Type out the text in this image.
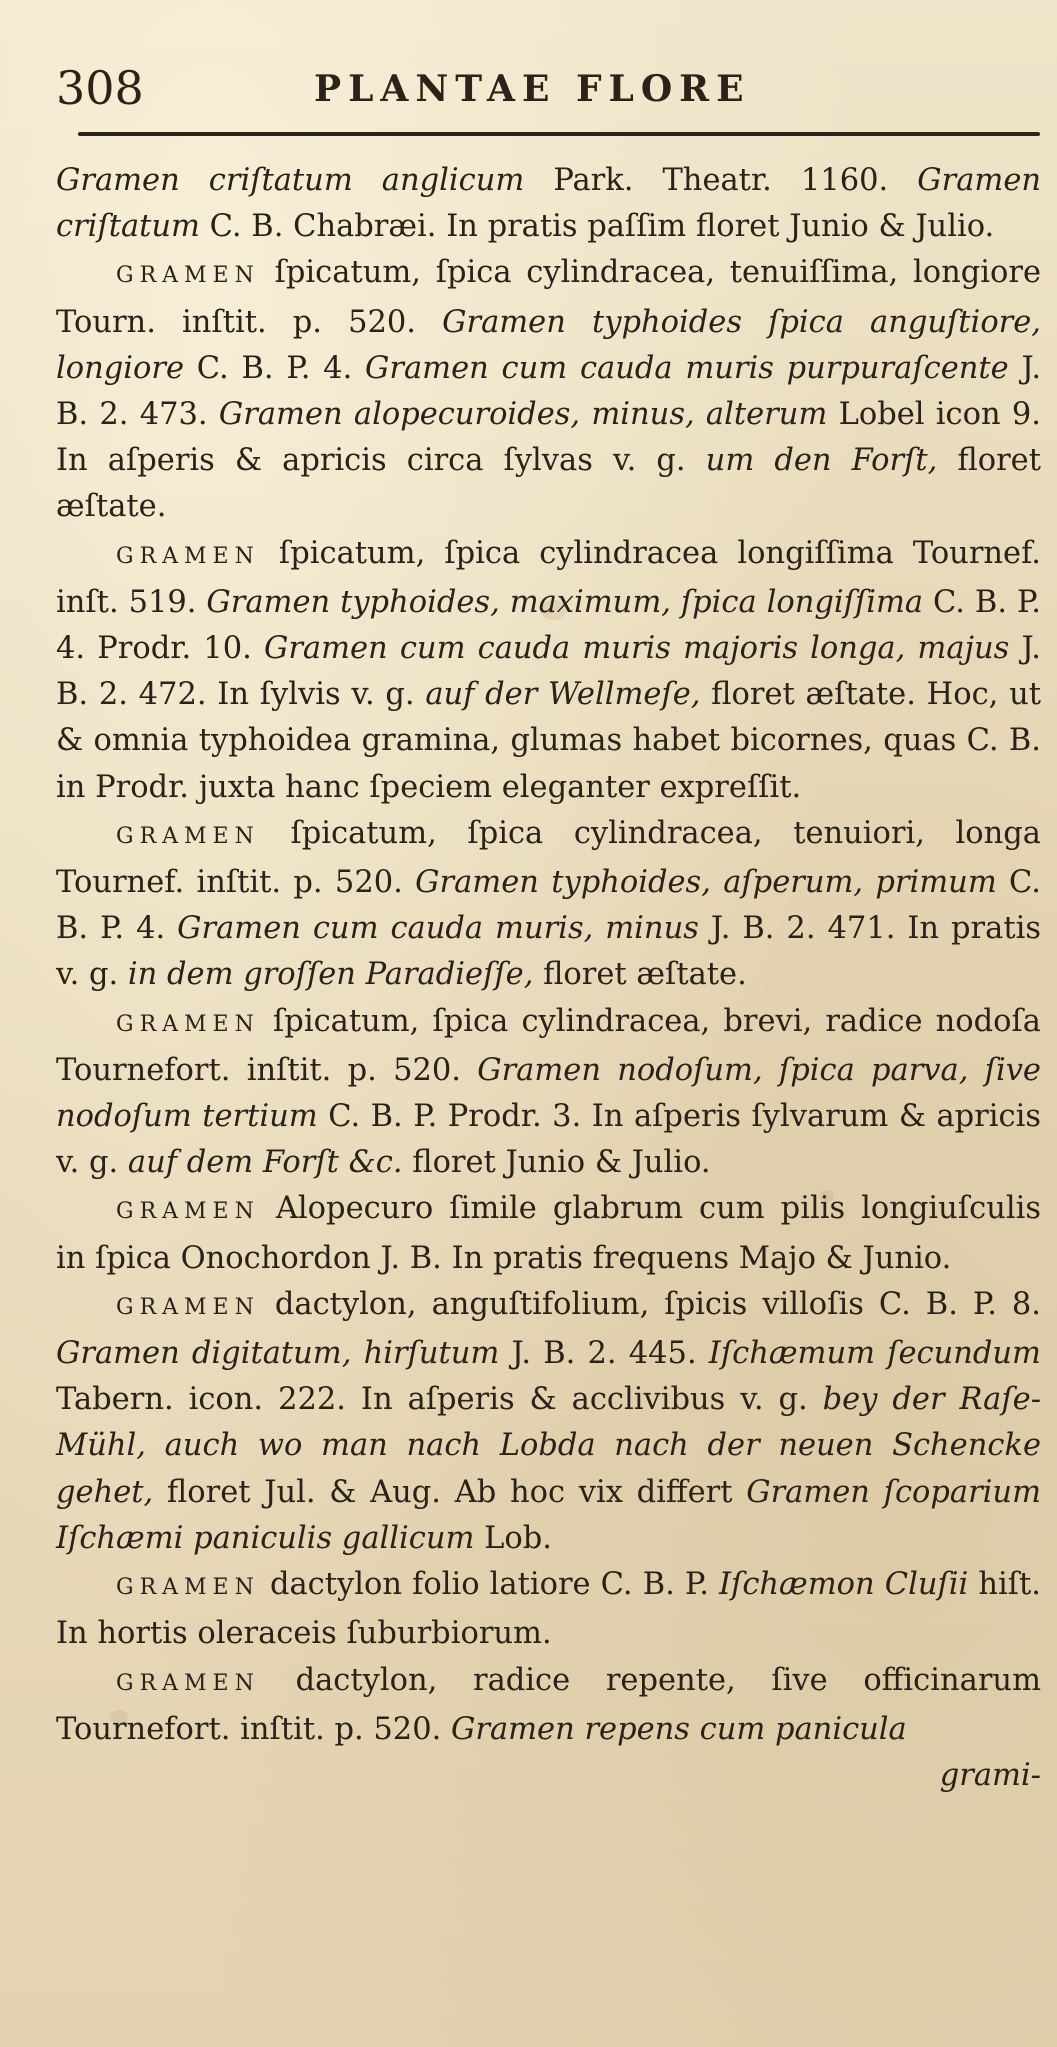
308	PLANTAE FLORE

Gramen criſtatum anglicum Park. Theatr. 1160. Gramen criſtatum C. B. Chabræi. In pratis paſſim floret Junio & Julio.

GRAMEN ſpicatum, ſpica cylindracea, tenuiſſima, longiore Tourn. inſtit. p. 520. Gramen typhoides ſpica anguſtiore, longiore C. B. P. 4. Gramen cum cauda muris purpuraſcente J. B. 2. 473. Gramen alopecuroides, minus, alterum Lobel icon 9. In aſperis & apricis circa ſylvas v. g. um den Forſt, floret æſtate.

GRAMEN ſpicatum, ſpica cylindracea longiſſima Tournef. inſt. 519. Gramen typhoides, maximum, ſpica longiſſima C. B. P. 4. Prodr. 10. Gramen cum cauda muris majoris longa, majus J. B. 2. 472. In ſylvis v. g. auf der Wellmeſe, floret æſtate. Hoc, ut & omnia typhoidea gramina, glumas habet bicornes, quas C. B. in Prodr. juxta hanc ſpeciem eleganter expreſſit.

GRAMEN ſpicatum, ſpica cylindracea, tenuiori, longa Tournef. inſtit. p. 520. Gramen typhoides, aſperum, primum C. B. P. 4. Gramen cum cauda muris, minus J. B. 2. 471. In pratis v. g. in dem groſſen Paradieſſe, floret æſtate.

GRAMEN ſpicatum, ſpica cylindracea, brevi, radice nodoſa Tournefort. inſtit. p. 520. Gramen nodoſum, ſpica parva, ſive nodoſum tertium C. B. P. Prodr. 3. In aſperis ſylvarum & apricis v. g. auf dem Forſt &c. floret Junio & Julio.

GRAMEN Alopecuro ſimile glabrum cum pilis longiuſculis in ſpica Onochordon J. B. In pratis frequens Majo & Junio.

GRAMEN dactylon, anguſtifolium, ſpicis villoſis C. B. P. 8. Gramen digitatum, hirſutum J. B. 2. 445. Iſchæmum ſecundum Tabern. icon. 222. In aſperis & acclivibus v. g. bey der Raſe-Mühl, auch wo man nach Lobda nach der neuen Schencke gehet, floret Jul. & Aug. Ab hoc vix differt Gramen ſcoparium Iſchæmi paniculis gallicum Lob.

GRAMEN dactylon folio latiore C. B. P. Iſchæmon Cluſii hiſt. In hortis oleraceis ſuburbiorum.

GRAMEN dactylon, radice repente, ſive officinarum Tournefort. inſtit. p. 520. Gramen repens cum panicula

grami-
